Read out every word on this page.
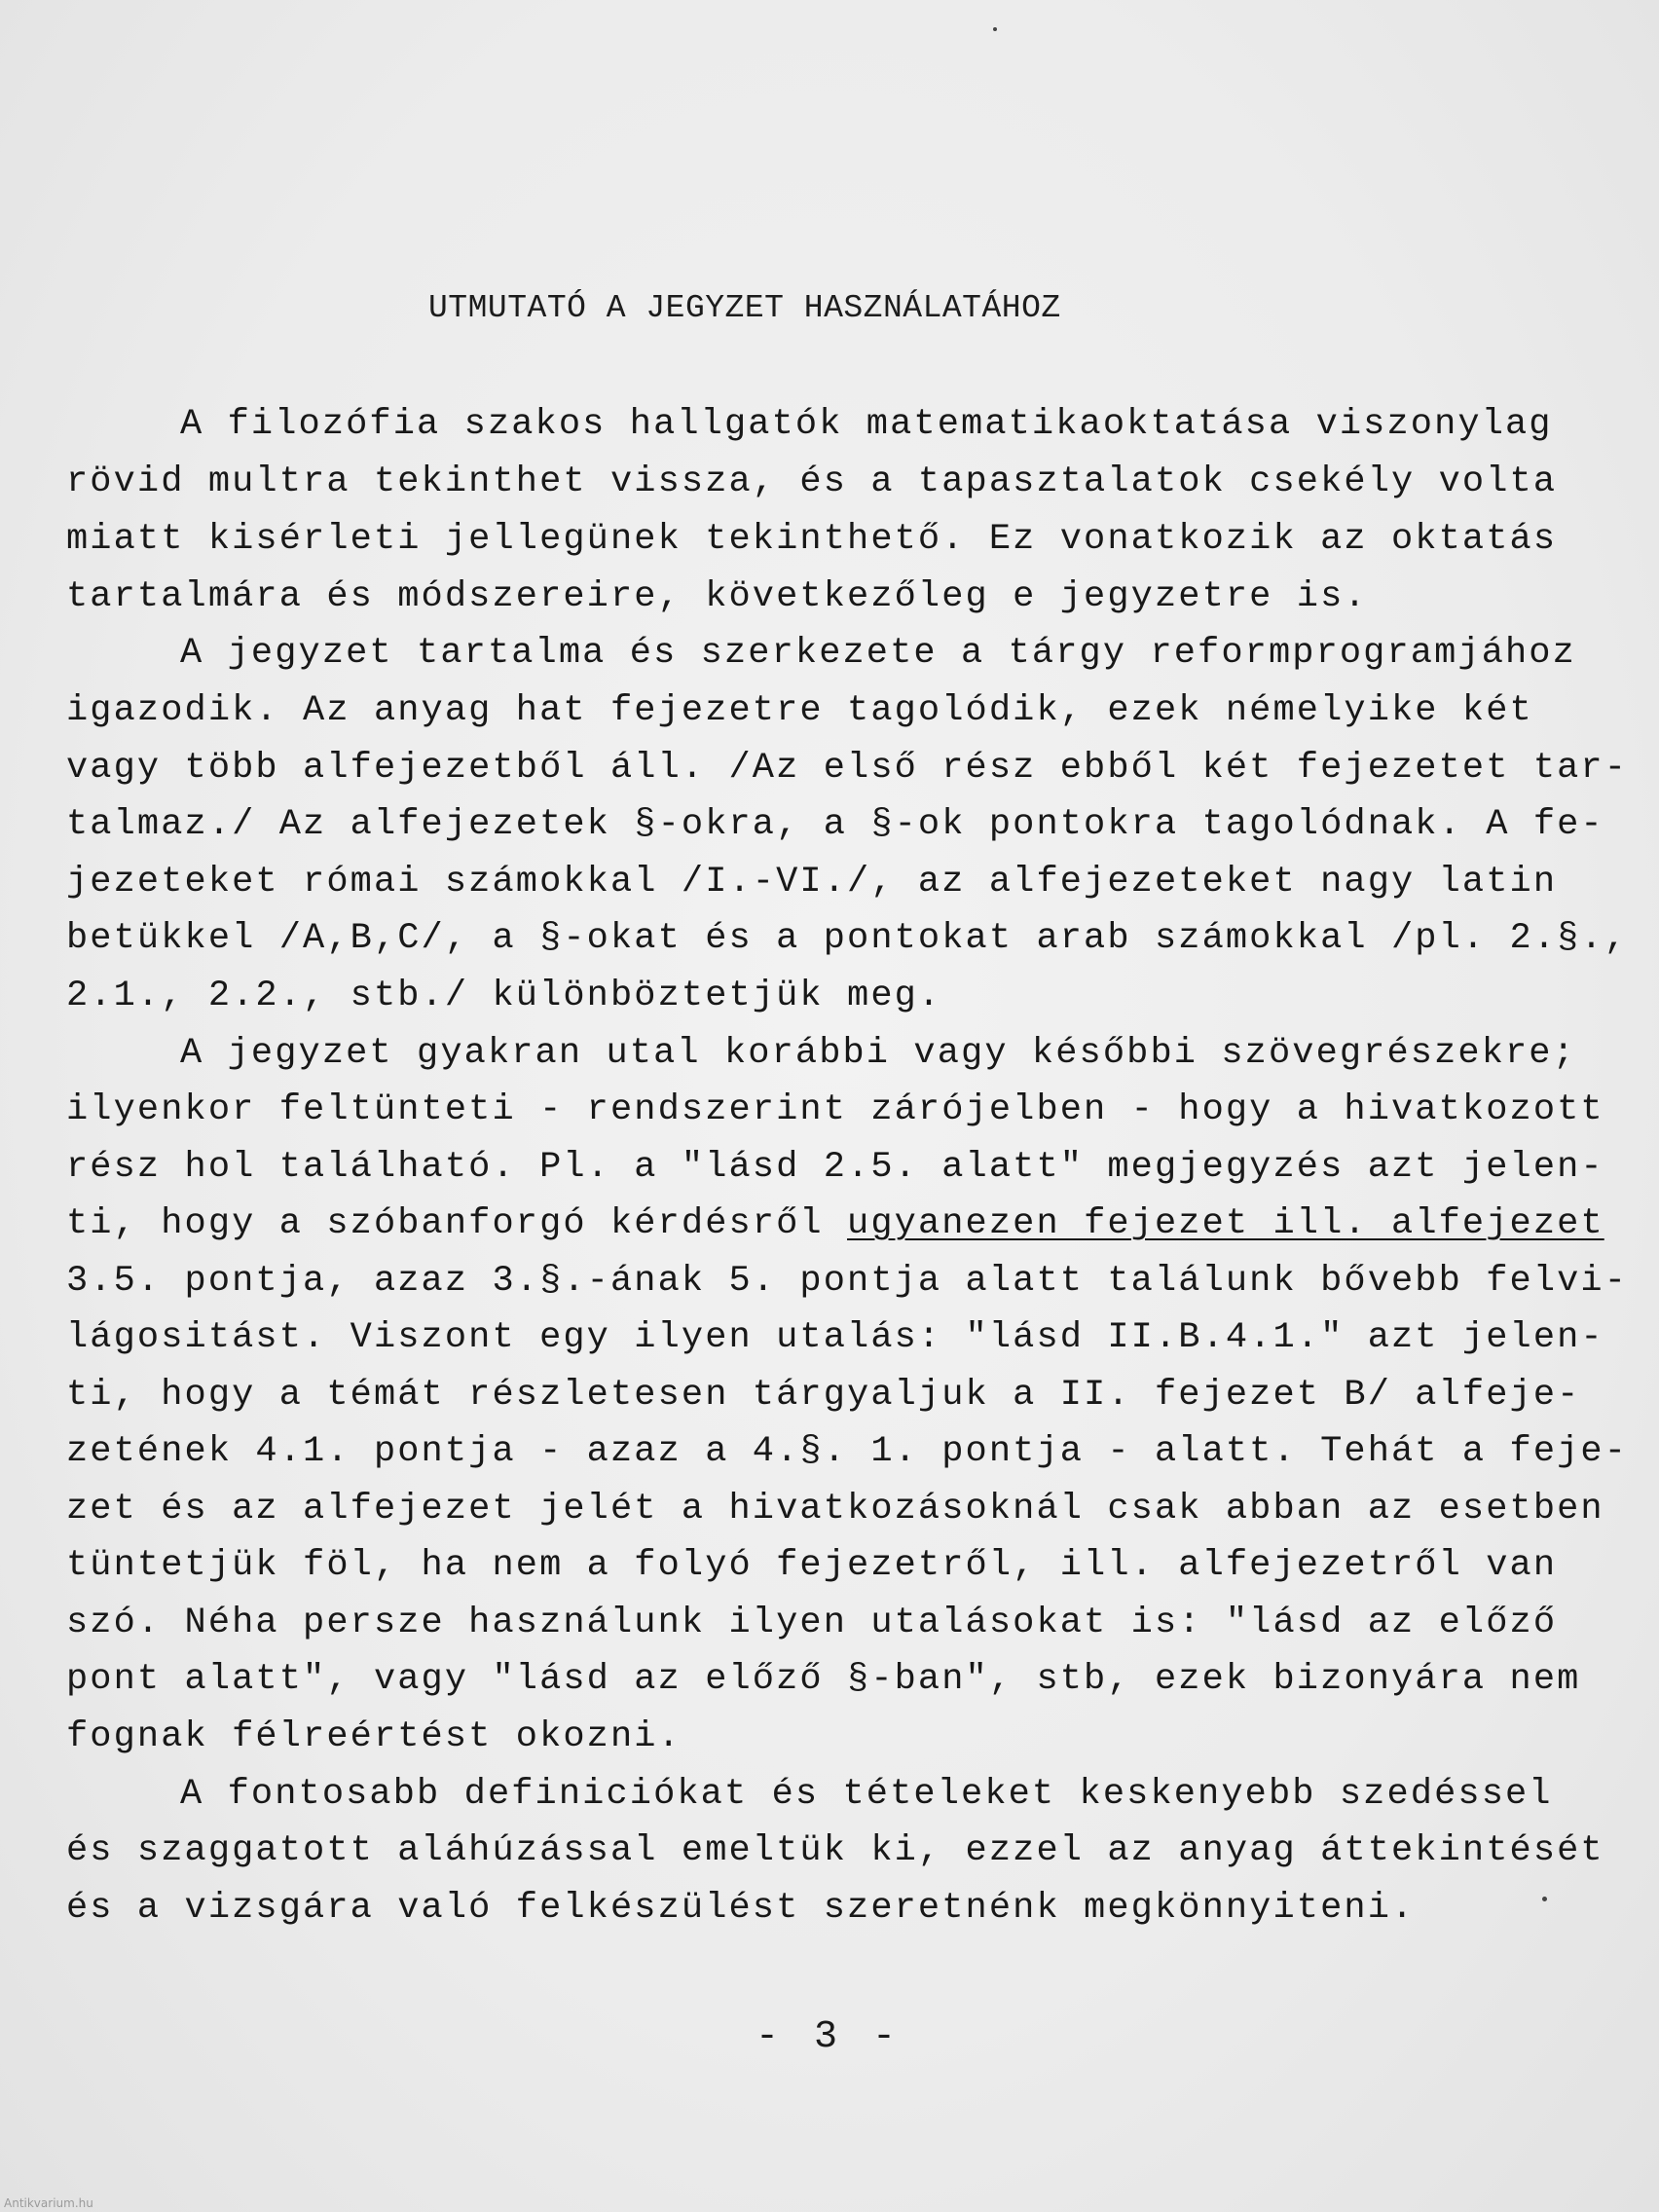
UTMUTATÓ A JEGYZET HASZNÁLATÁHOZ
A filozófia szakos hallgatók matematikaoktatása viszonylag
rövid multra tekinthet vissza, és a tapasztalatok csekély volta
miatt kisérleti jellegünek tekinthető. Ez vonatkozik az oktatás
tartalmára és módszereire, következőleg e jegyzetre is.
A jegyzet tartalma és szerkezete a tárgy reformprogramjához
igazodik. Az anyag hat fejezetre tagolódik, ezek némelyike két
vagy több alfejezetből áll. /Az első rész ebből két fejezetet tar-
talmaz./ Az alfejezetek §-okra, a §-ok pontokra tagolódnak. A fe-
jezeteket római számokkal /I.-VI./, az alfejezeteket nagy latin
betükkel /A,B,C/, a §-okat és a pontokat arab számokkal /pl. 2.§.,
2.1., 2.2., stb./ különböztetjük meg.
A jegyzet gyakran utal korábbi vagy későbbi szövegrészekre;
ilyenkor feltünteti - rendszerint zárójelben - hogy a hivatkozott
rész hol található. Pl. a "lásd 2.5. alatt" megjegyzés azt jelen-
ti, hogy a szóbanforgó kérdésről ugyanezen fejezet ill. alfejezet
3.5. pontja, azaz 3.§.-ának 5. pontja alatt találunk bővebb felvi-
lágositást. Viszont egy ilyen utalás: "lásd II.B.4.1." azt jelen-
ti, hogy a témát részletesen tárgyaljuk a II. fejezet B/ alfeje-
zetének 4.1. pontja - azaz a 4.§. 1. pontja - alatt. Tehát a feje-
zet és az alfejezet jelét a hivatkozásoknál csak abban az esetben
tüntetjük föl, ha nem a folyó fejezetről, ill. alfejezetről van
szó. Néha persze használunk ilyen utalásokat is: "lásd az előző
pont alatt", vagy "lásd az előző §-ban", stb, ezek bizonyára nem
fognak félreértést okozni.
A fontosabb definiciókat és tételeket keskenyebb szedéssel
és szaggatott aláhúzással emeltük ki, ezzel az anyag áttekintését
és a vizsgára való felkészülést szeretnénk megkönnyiteni.
- 3 -
Antikvarium.hu
